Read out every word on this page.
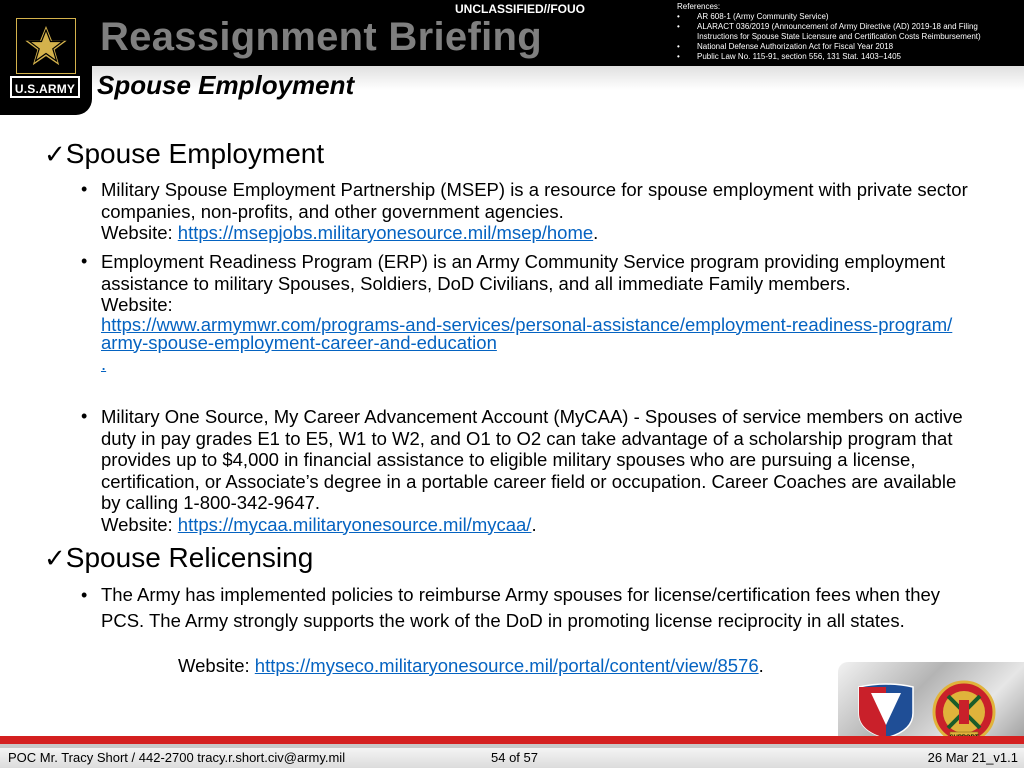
U.S.ARMY
UNCLASSIFIED//FOUO
Reassignment Briefing
References:
• AR 608-1 (Army Community Service)
• ALARACT 036/2019 (Announcement of Army Directive (AD) 2019-18 and Filing Instructions for Spouse State Licensure and Certification Costs Reimbursement)
• National Defense Authorization Act for Fiscal Year 2018
• Public Law No. 115-91, section 556, 131 Stat. 1403–1405
Spouse Employment
✓Spouse Employment
• Military Spouse Employment Partnership (MSEP) is a resource for spouse employment with private sector companies, non-profits, and other government agencies.
Website: https://msepjobs.militaryonesource.mil/msep/home.
• Employment Readiness Program (ERP) is an Army Community Service program providing employment assistance to military Spouses, Soldiers, DoD Civilians, and all immediate Family members.
Website:
https://www.armymwr.com/programs-and-services/personal-assistance/employment-readiness-program/army-spouse-employment-career-and-education
.
• Military One Source, My Career Advancement Account (MyCAA) - Spouses of service members on active duty in pay grades E1 to E5, W1 to W2, and O1 to O2 can take advantage of a scholarship program that provides up to $4,000 in financial assistance to eligible military spouses who are pursuing a license, certification, or Associate’s degree in a portable career field or occupation. Career Coaches are available by calling 1-800-342-9647.
Website: https://mycaa.militaryonesource.mil/mycaa/.
✓Spouse Relicensing
• The Army has implemented policies to reimburse Army spouses for license/certification fees when they PCS. The Army strongly supports the work of the DoD in promoting license reciprocity in all states.
Website: https://myseco.militaryonesource.mil/portal/content/view/8576.
POC Mr. Tracy Short / 442-2700 tracy.r.short.civ@army.mil	54 of 57	26 Mar 21_v1.1
